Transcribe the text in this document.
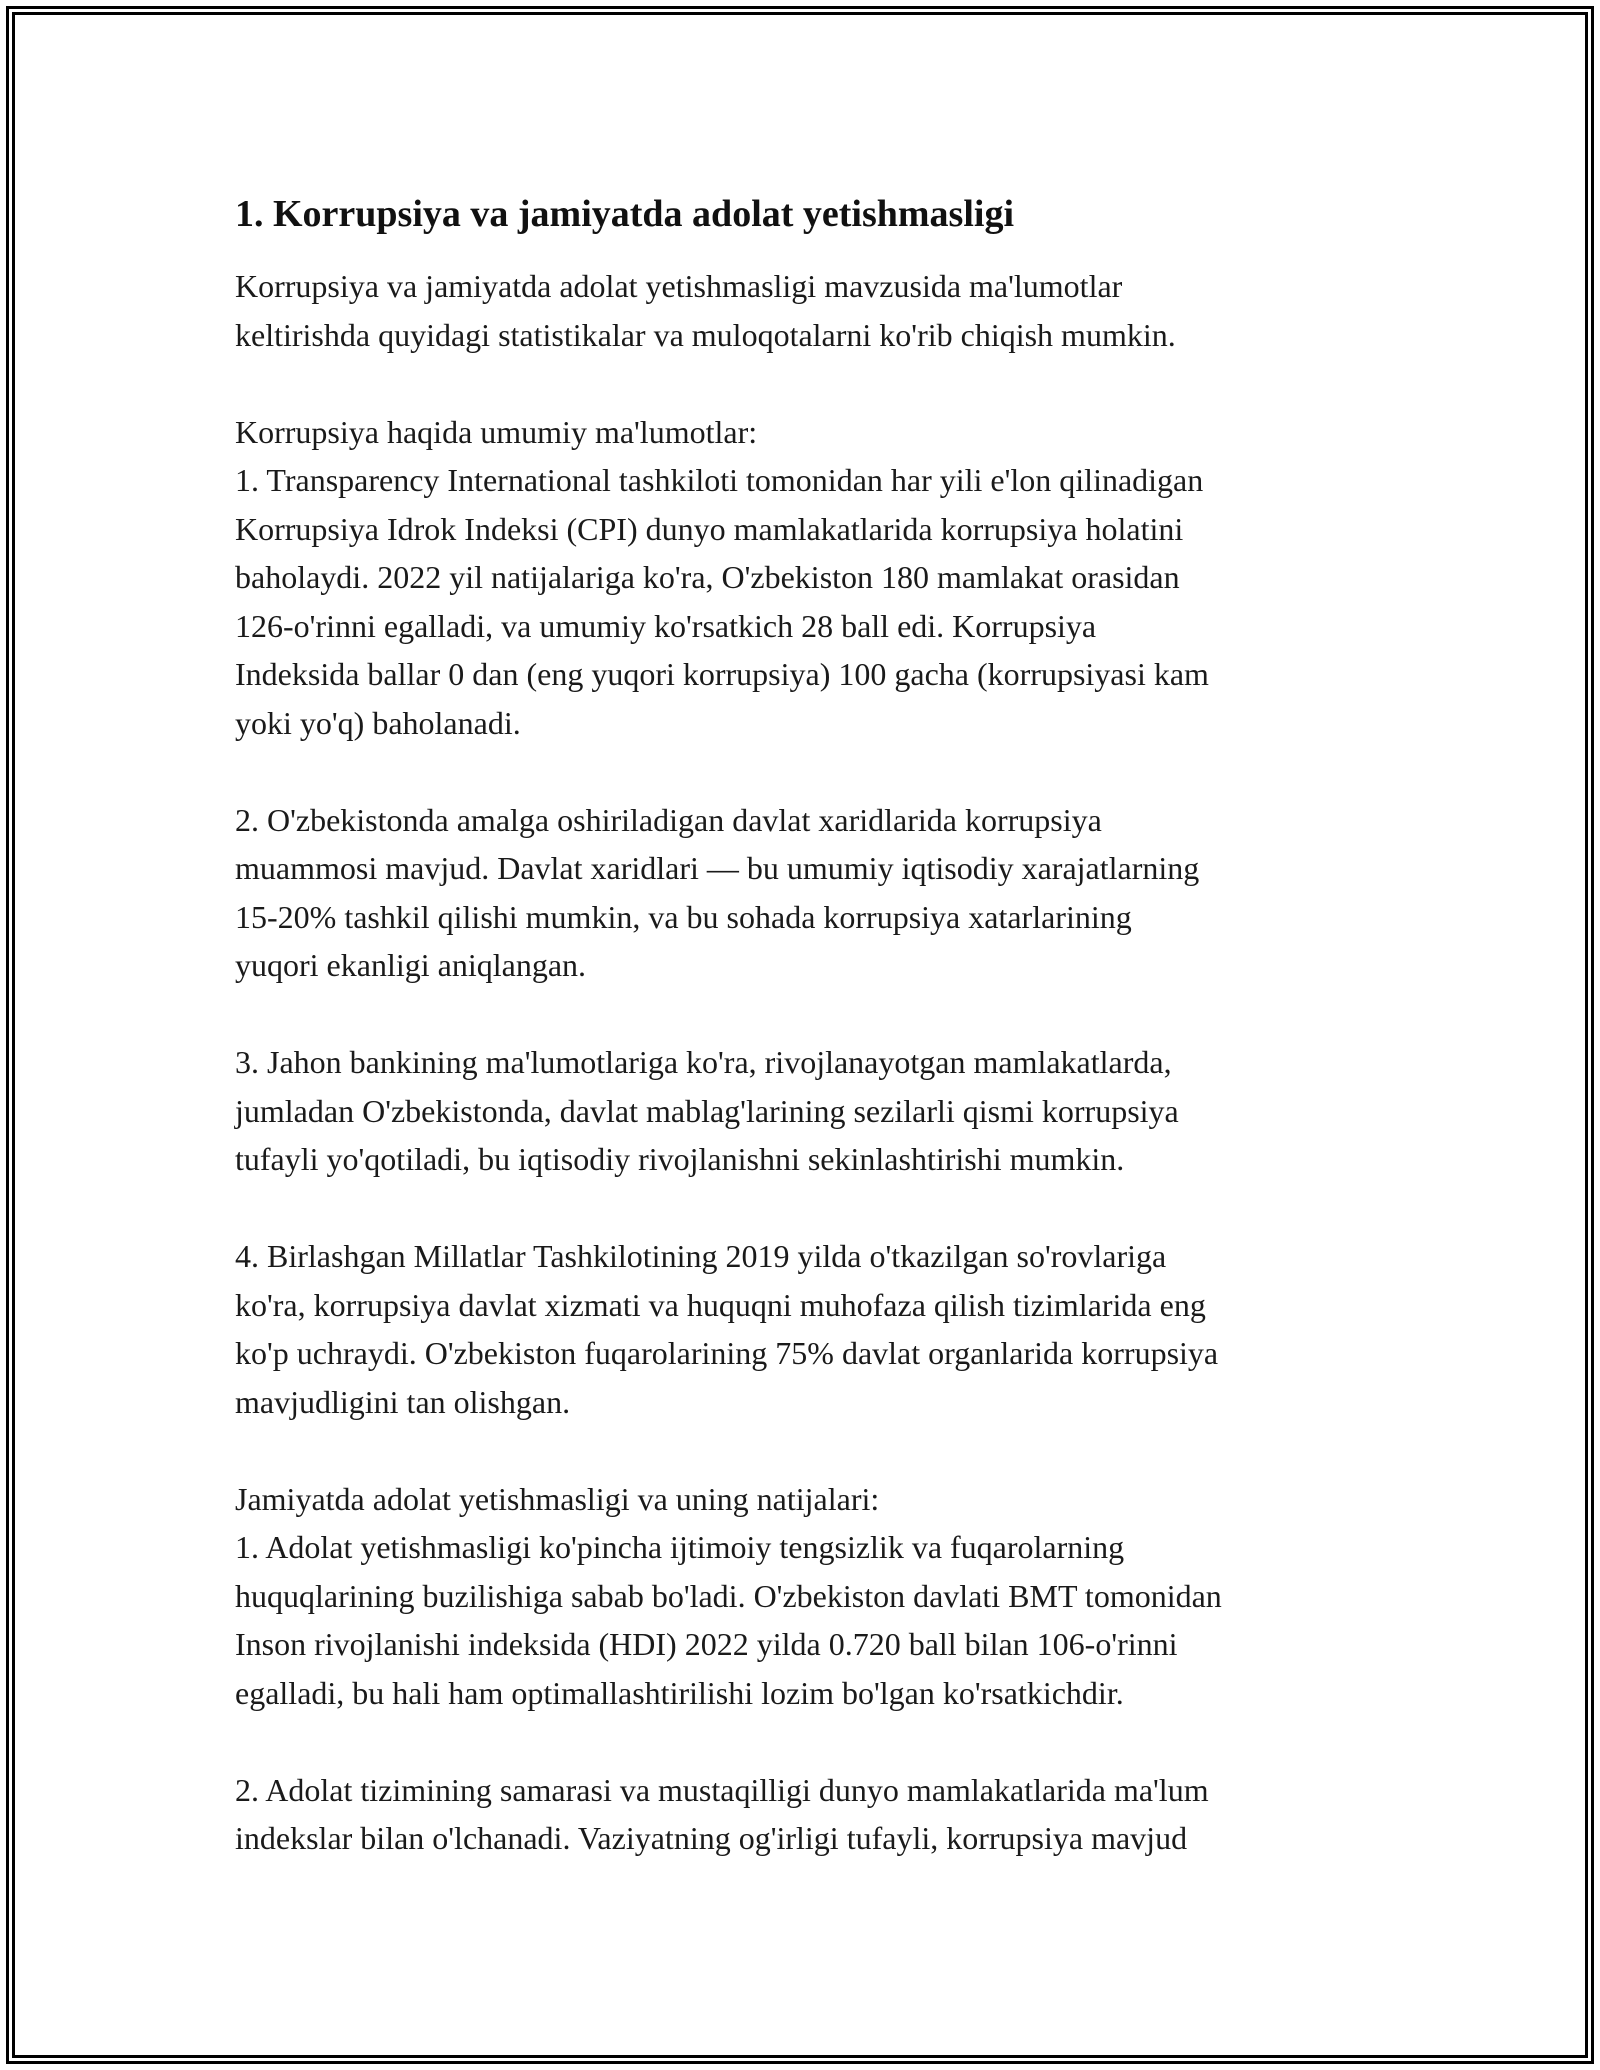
1. Korrupsiya va jamiyatda adolat yetishmasligi

Korrupsiya va jamiyatda adolat yetishmasligi mavzusida ma'lumotlar
keltirishda quyidagi statistikalar va muloqotalarni ko'rib chiqish mumkin.

Korrupsiya haqida umumiy ma'lumotlar:
1. Transparency International tashkiloti tomonidan har yili e'lon qilinadigan
Korrupsiya Idrok Indeksi (CPI) dunyo mamlakatlarida korrupsiya holatini
baholaydi. 2022 yil natijalariga ko'ra, O'zbekiston 180 mamlakat orasidan
126-o'rinni egalladi, va umumiy ko'rsatkich 28 ball edi. Korrupsiya
Indeksida ballar 0 dan (eng yuqori korrupsiya) 100 gacha (korrupsiyasi kam
yoki yo'q) baholanadi.

2. O'zbekistonda amalga oshiriladigan davlat xaridlarida korrupsiya
muammosi mavjud. Davlat xaridlari — bu umumiy iqtisodiy xarajatlarning
15-20% tashkil qilishi mumkin, va bu sohada korrupsiya xatarlarining
yuqori ekanligi aniqlangan.

3. Jahon bankining ma'lumotlariga ko'ra, rivojlanayotgan mamlakatlarda,
jumladan O'zbekistonda, davlat mablag'larining sezilarli qismi korrupsiya
tufayli yo'qotiladi, bu iqtisodiy rivojlanishni sekinlashtirishi mumkin.

4. Birlashgan Millatlar Tashkilotining 2019 yilda o'tkazilgan so'rovlariga
ko'ra, korrupsiya davlat xizmati va huquqni muhofaza qilish tizimlarida eng
ko'p uchraydi. O'zbekiston fuqarolarining 75% davlat organlarida korrupsiya
mavjudligini tan olishgan.

Jamiyatda adolat yetishmasligi va uning natijalari:
1. Adolat yetishmasligi ko'pincha ijtimoiy tengsizlik va fuqarolarning
huquqlarining buzilishiga sabab bo'ladi. O'zbekiston davlati BMT tomonidan
Inson rivojlanishi indeksida (HDI) 2022 yilda 0.720 ball bilan 106-o'rinni
egalladi, bu hali ham optimallashtirilishi lozim bo'lgan ko'rsatkichdir.

2. Adolat tizimining samarasi va mustaqilligi dunyo mamlakatlarida ma'lum
indekslar bilan o'lchanadi. Vaziyatning og'irligi tufayli, korrupsiya mavjud
